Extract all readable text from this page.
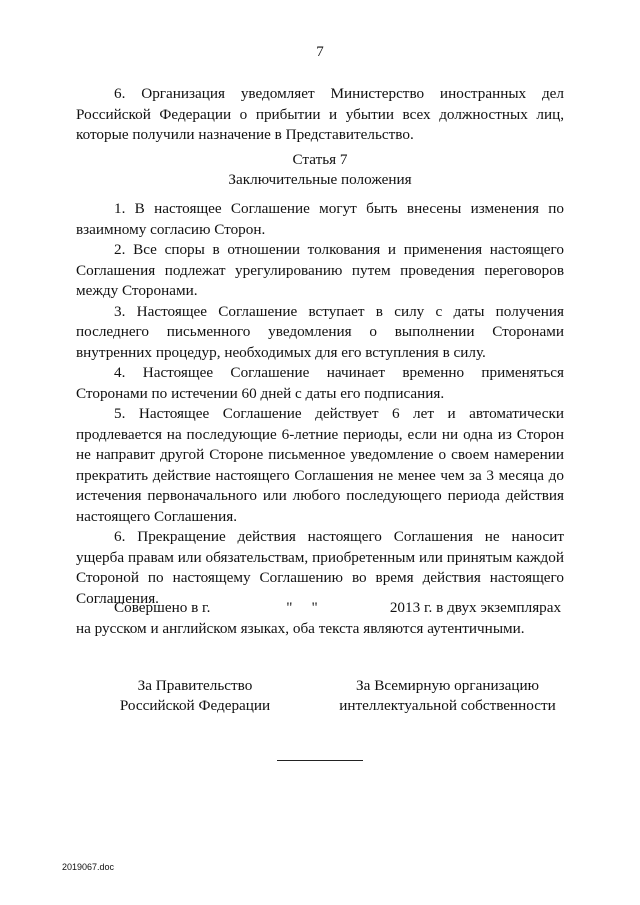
7

6. Организация уведомляет Министерство иностранных дел Российской Федерации о прибытии и убытии всех должностных лиц, которые получили назначение в Представительство.

Статья 7
Заключительные положения

1. В настоящее Соглашение могут быть внесены изменения по взаимному согласию Сторон.

2. Все споры в отношении толкования и применения настоящего Соглашения подлежат урегулированию путем проведения переговоров между Сторонами.

3. Настоящее Соглашение вступает в силу с даты получения последнего письменного уведомления о выполнении Сторонами внутренних процедур, необходимых для его вступления в силу.

4. Настоящее Соглашение начинает временно применяться Сторонами по истечении 60 дней с даты его подписания.

5. Настоящее Соглашение действует 6 лет и автоматически продлевается на последующие 6-летние периоды, если ни одна из Сторон не направит другой Стороне письменное уведомление о своем намерении прекратить действие настоящего Соглашения не менее чем за 3 месяца до истечения первоначального или любого последующего периода действия настоящего Соглашения.

6. Прекращение действия настоящего Соглашения не наносит ущерба правам или обязательствам, приобретенным или принятым каждой Стороной по настоящему Соглашению во время действия настоящего Соглашения.

Совершено в г.                    "     "                   2013 г. в двух экземплярах
на русском и английском языках, оба текста являются аутентичными.
За Правительство
Российской Федерации
За Всемирную организацию
интеллектуальной собственности
2019067.doc
